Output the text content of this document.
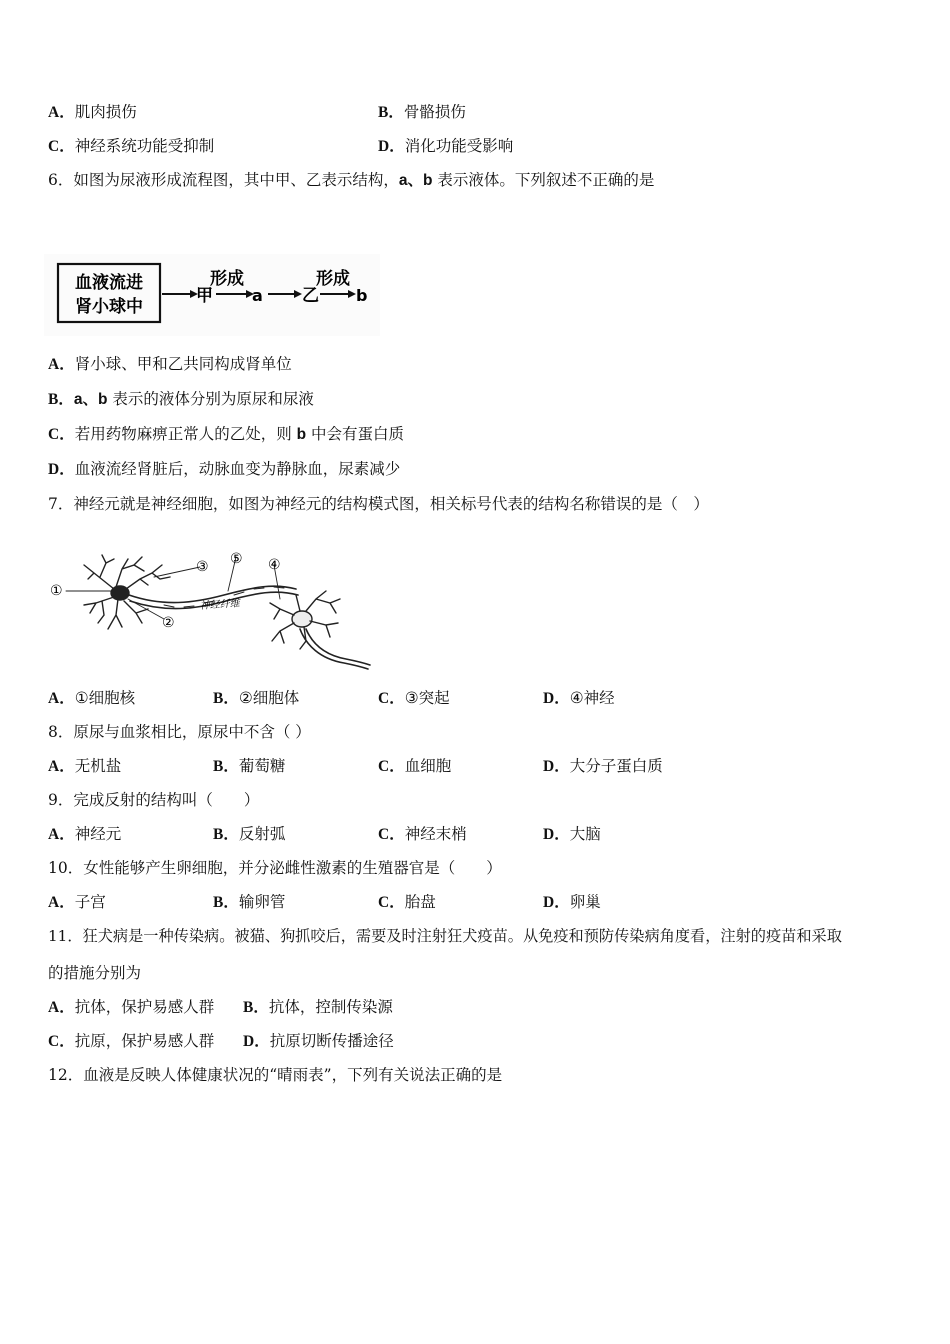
A．肌肉损伤	B．骨骼损伤
C．神经系统功能受抑制	D．消化功能受影响
6．如图为尿液形成流程图，其中甲、乙表示结构，a、b 表示液体。下列叙述不正确的是
血液流进
肾小球中
甲
形成
a 乙
形成
b
A．肾小球、甲和乙共同构成肾单位
B．a、b 表示的液体分别为原尿和尿液
C．若用药物麻痹正常人的乙处，则 b 中会有蛋白质
D．血液流经肾脏后，动脉血变为静脉血，尿素减少
7．神经元就是神经细胞，如图为神经元的结构模式图，相关标号代表的结构名称错误的是（　）
①
②
③ ⑤ ④
神经纤维
A．①细胞核	B．②细胞体	C．③突起	D．④神经
8．原尿与血浆相比，原尿中不含（ ）
A．无机盐	B．葡萄糖	C．血细胞	D．大分子蛋白质
9．完成反射的结构叫（　　）
A．神经元	B．反射弧	C．神经末梢	D．大脑
10．女性能够产生卵细胞，并分泌雌性激素的生殖器官是（　　）
A．子宫	B．输卵管	C．胎盘	D．卵巢
11．狂犬病是一种传染病。被猫、狗抓咬后，需要及时注射狂犬疫苗。从免疫和预防传染病角度看，注射的疫苗和采取
的措施分别为
A．抗体，保护易感人群 B．抗体，控制传染源
C．抗原，保护易感人群 D．抗原切断传播途径
12．血液是反映人体健康状况的“晴雨表”，下列有关说法正确的是
